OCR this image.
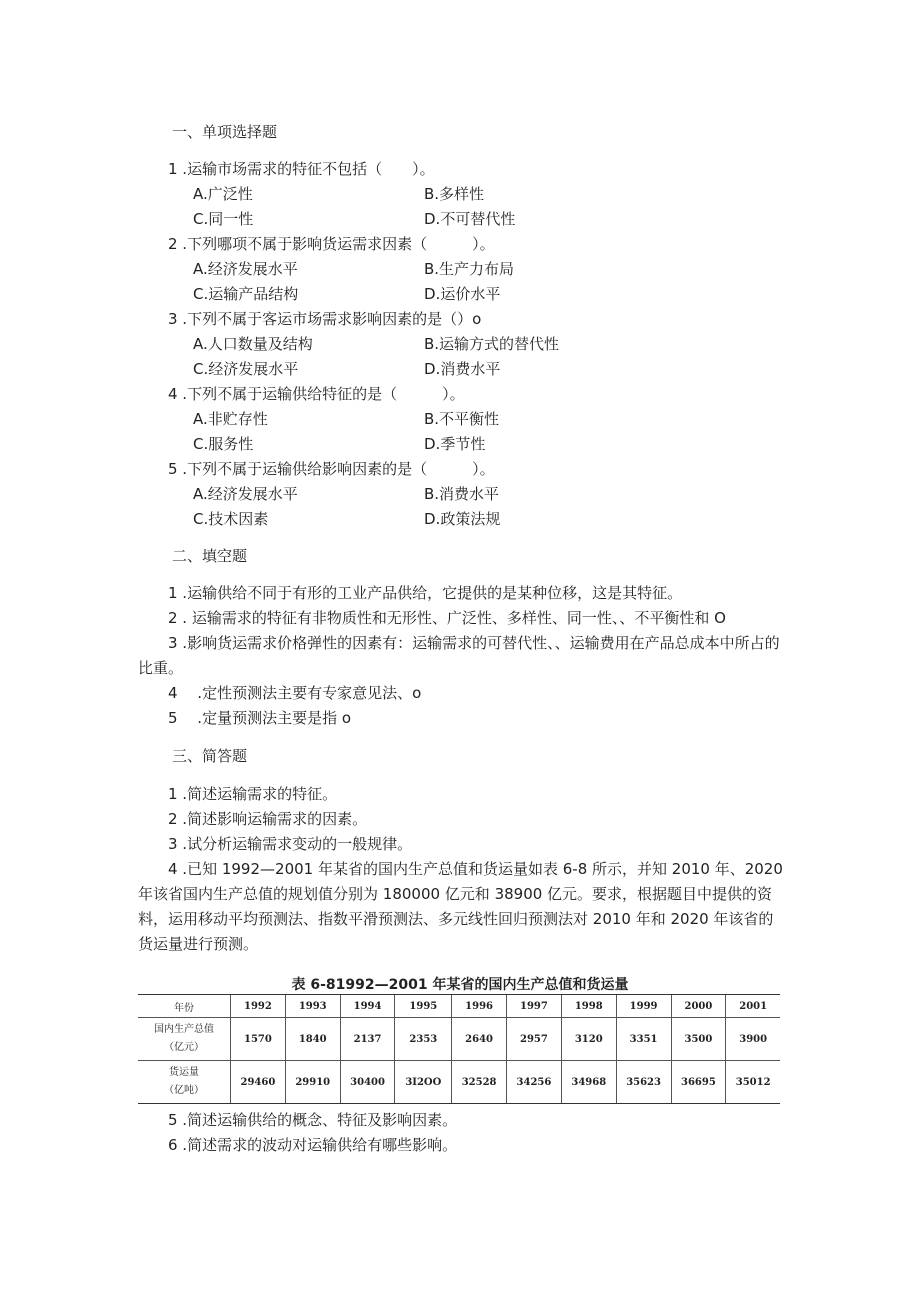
一、单项选择题
1 .运输市场需求的特征不包括（　　）。
A.广泛性	B.多样性
C.同一性	D.不可替代性
2 .下列哪项不属于影响货运需求因素（　　　）。
A.经济发展水平	B.生产力布局
C.运输产品结构	D.运价水平
3 .下列不属于客运市场需求影响因素的是（）o
A.人口数量及结构	B.运输方式的替代性
C.经济发展水平	D.消费水平
4 .下列不属于运输供给特征的是（　　　）。
A.非贮存性	B.不平衡性
C.服务性	D.季节性
5 .下列不属于运输供给影响因素的是（　　　）。
A.经济发展水平	B.消费水平
C.技术因素	D.政策法规
二、填空题
1 .运输供给不同于有形的工业产品供给，它提供的是某种位移，这是其特征。
2 . 运输需求的特征有非物质性和无形性、广泛性、多样性、同一性、、不平衡性和 O
3 .影响货运需求价格弹性的因素有：运输需求的可替代性、、运输费用在产品总成本中所占的比重。
4　 .定性预测法主要有专家意见法、o
5　 .定量预测法主要是指 o
三、简答题
1 .简述运输需求的特征。
2 .简述影响运输需求的因素。
3 .试分析运输需求变动的一般规律。
4 .已知 1992—2001 年某省的国内生产总值和货运量如表 6-8 所示，并知 2010 年、2020 年该省国内生产总值的规划值分别为 180000 亿元和 38900 亿元。要求，根据题目中提供的资料，运用移动平均预测法、指数平滑预测法、多元线性回归预测法对 2010 年和 2020 年该省的货运量进行预测。
表 6-81992—2001 年某省的国内生产总值和货运量
年份	1992	1993	1994	1995	1996	1997	1998	1999	2000	2001

国内生产总值
（亿元）	1570	1840	2137	2353	2640	2957	3120	3351	3500	3900

货运量
（亿吨）	29460	29910	30400	3I2OO	32528	34256	34968	35623	36695	35012
5 .简述运输供给的概念、特征及影响因素。
6 .简述需求的波动对运输供给有哪些影响。
